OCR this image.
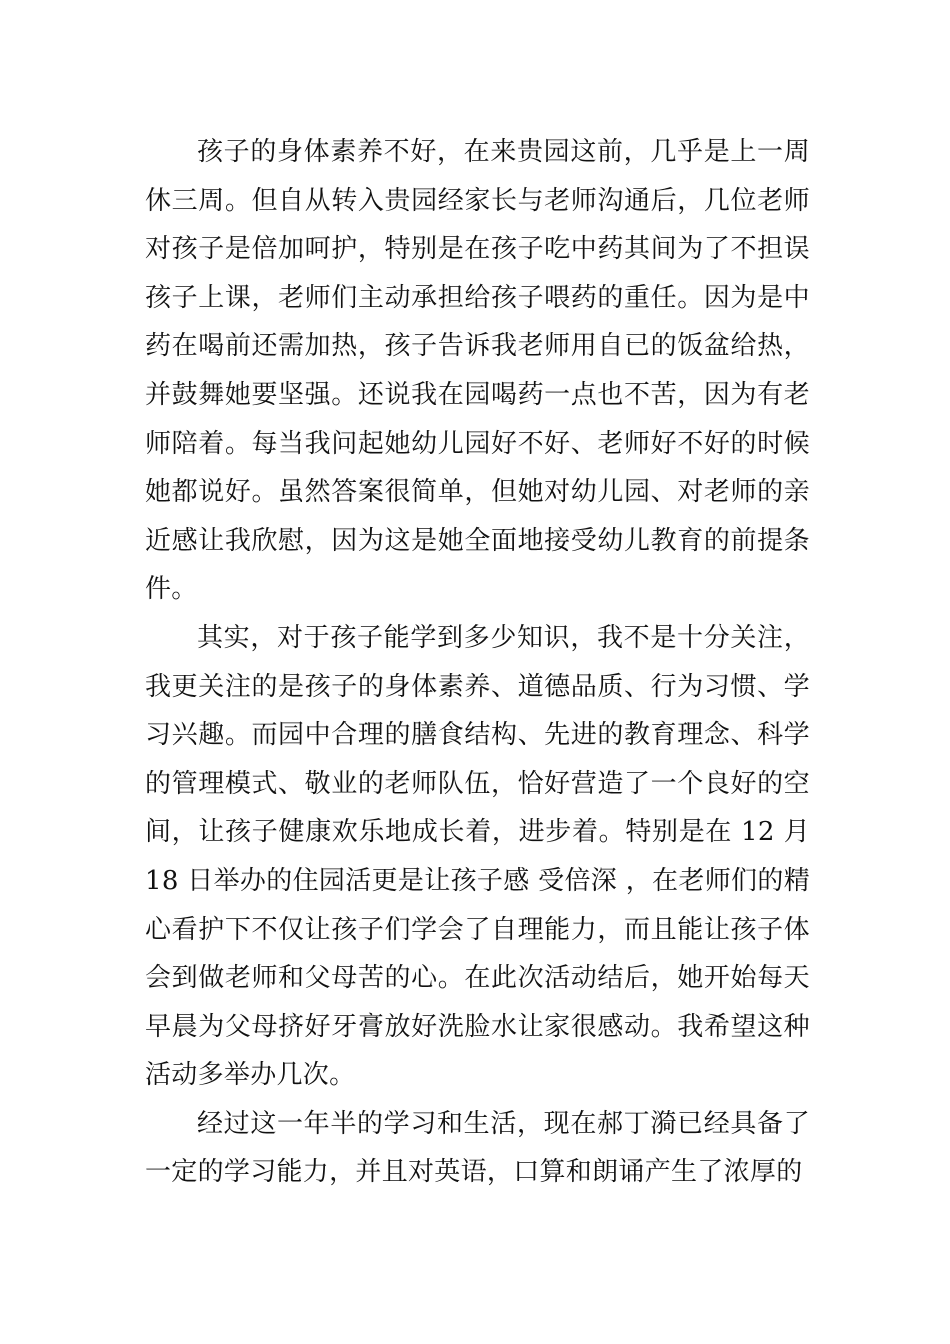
孩子的身体素养不好，在来贵园这前，几乎是上一周休三周。但自从转入贵园经家长与老师沟通后，几位老师对孩子是倍加呵护，特别是在孩子吃中药其间为了不担误孩子上课，老师们主动承担给孩子喂药的重任。因为是中药在喝前还需加热，孩子告诉我老师用自已的饭盆给热，并鼓舞她要坚强。还说我在园喝药一点也不苦，因为有老师陪着。每当我问起她幼儿园好不好、老师好不好的时候她都说好。虽然答案很简单，但她对幼儿园、对老师的亲近感让我欣慰，因为这是她全面地接受幼儿教育的前提条件。

其实，对于孩子能学到多少知识，我不是十分关注，我更关注的是孩子的身体素养、道德品质、行为习惯、学习兴趣。而园中合理的膳食结构、先进的教育理念、科学的管理模式、敬业的老师队伍，恰好营造了一个良好的空间，让孩子健康欢乐地成长着，进步着。特别是在 12 月 18 日举办的住园活更是让孩子感 受倍深 ，在老师们的精心看护下不仅让孩子们学会了自理能力，而且能让孩子体会到做老师和父母苦的心。在此次活动结后，她开始每天早晨为父母挤好牙膏放好洗脸水让家很感动。我希望这种活动多举办几次。

经过这一年半的学习和生活，现在郝丁漪已经具备了一定的学习能力，并且对英语，口算和朗诵产生了浓厚的
